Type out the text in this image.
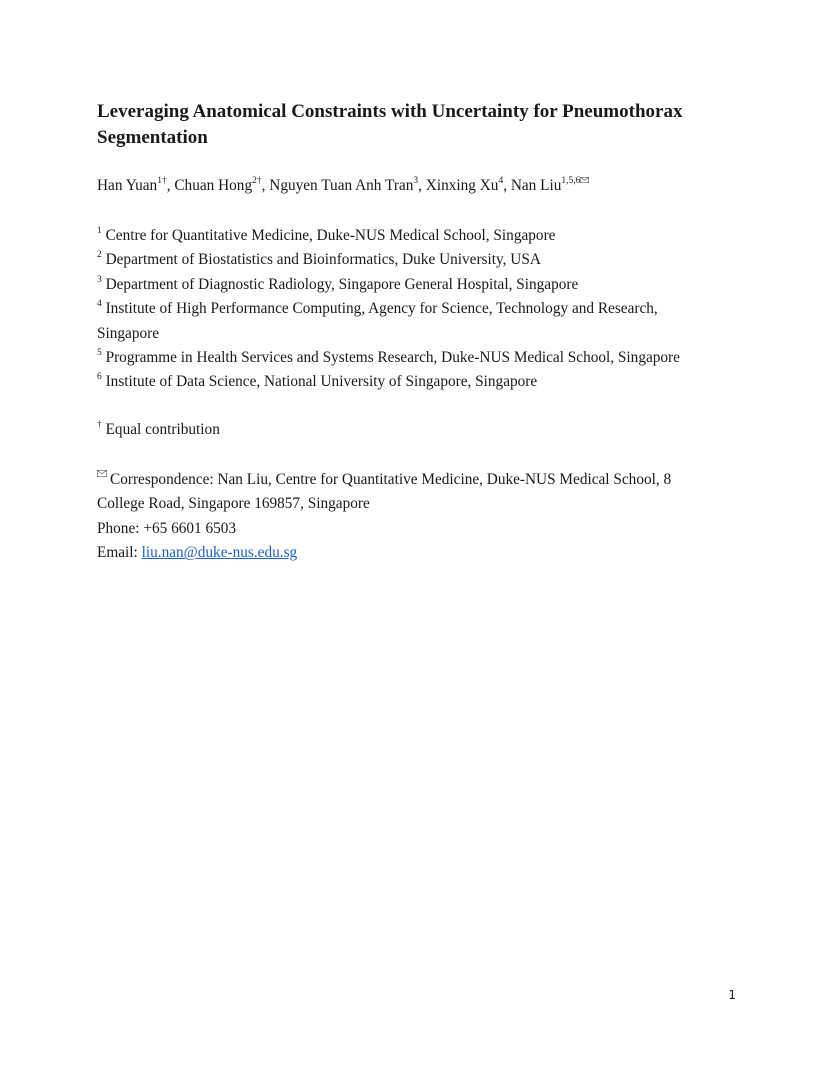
Leveraging Anatomical Constraints with Uncertainty for Pneumothorax
Segmentation
Han Yuan$^{1\dagger}$, Chuan Hong$^{2\dagger}$, Nguyen Tuan Anh Tran$^3$, Xinxing Xu$^4$, Nan Liu$^{1,5,6}$
$^1$ Centre for Quantitative Medicine, Duke-NUS Medical School, Singapore
$^2$ Department of Biostatistics and Bioinformatics, Duke University, USA
$^3$ Department of Diagnostic Radiology, Singapore General Hospital, Singapore
$^4$ Institute of High Performance Computing, Agency for Science, Technology and Research,
Singapore
$^5$ Programme in Health Services and Systems Research, Duke-NUS Medical School, Singapore
$^6$ Institute of Data Science, National University of Singapore, Singapore
† Equal contribution
Correspondence: Nan Liu, Centre for Quantitative Medicine, Duke-NUS Medical School, 8
College Road, Singapore 169857, Singapore
Phone: +65 6601 6503
Email: liu.nan@duke-nus.edu.sg
1
